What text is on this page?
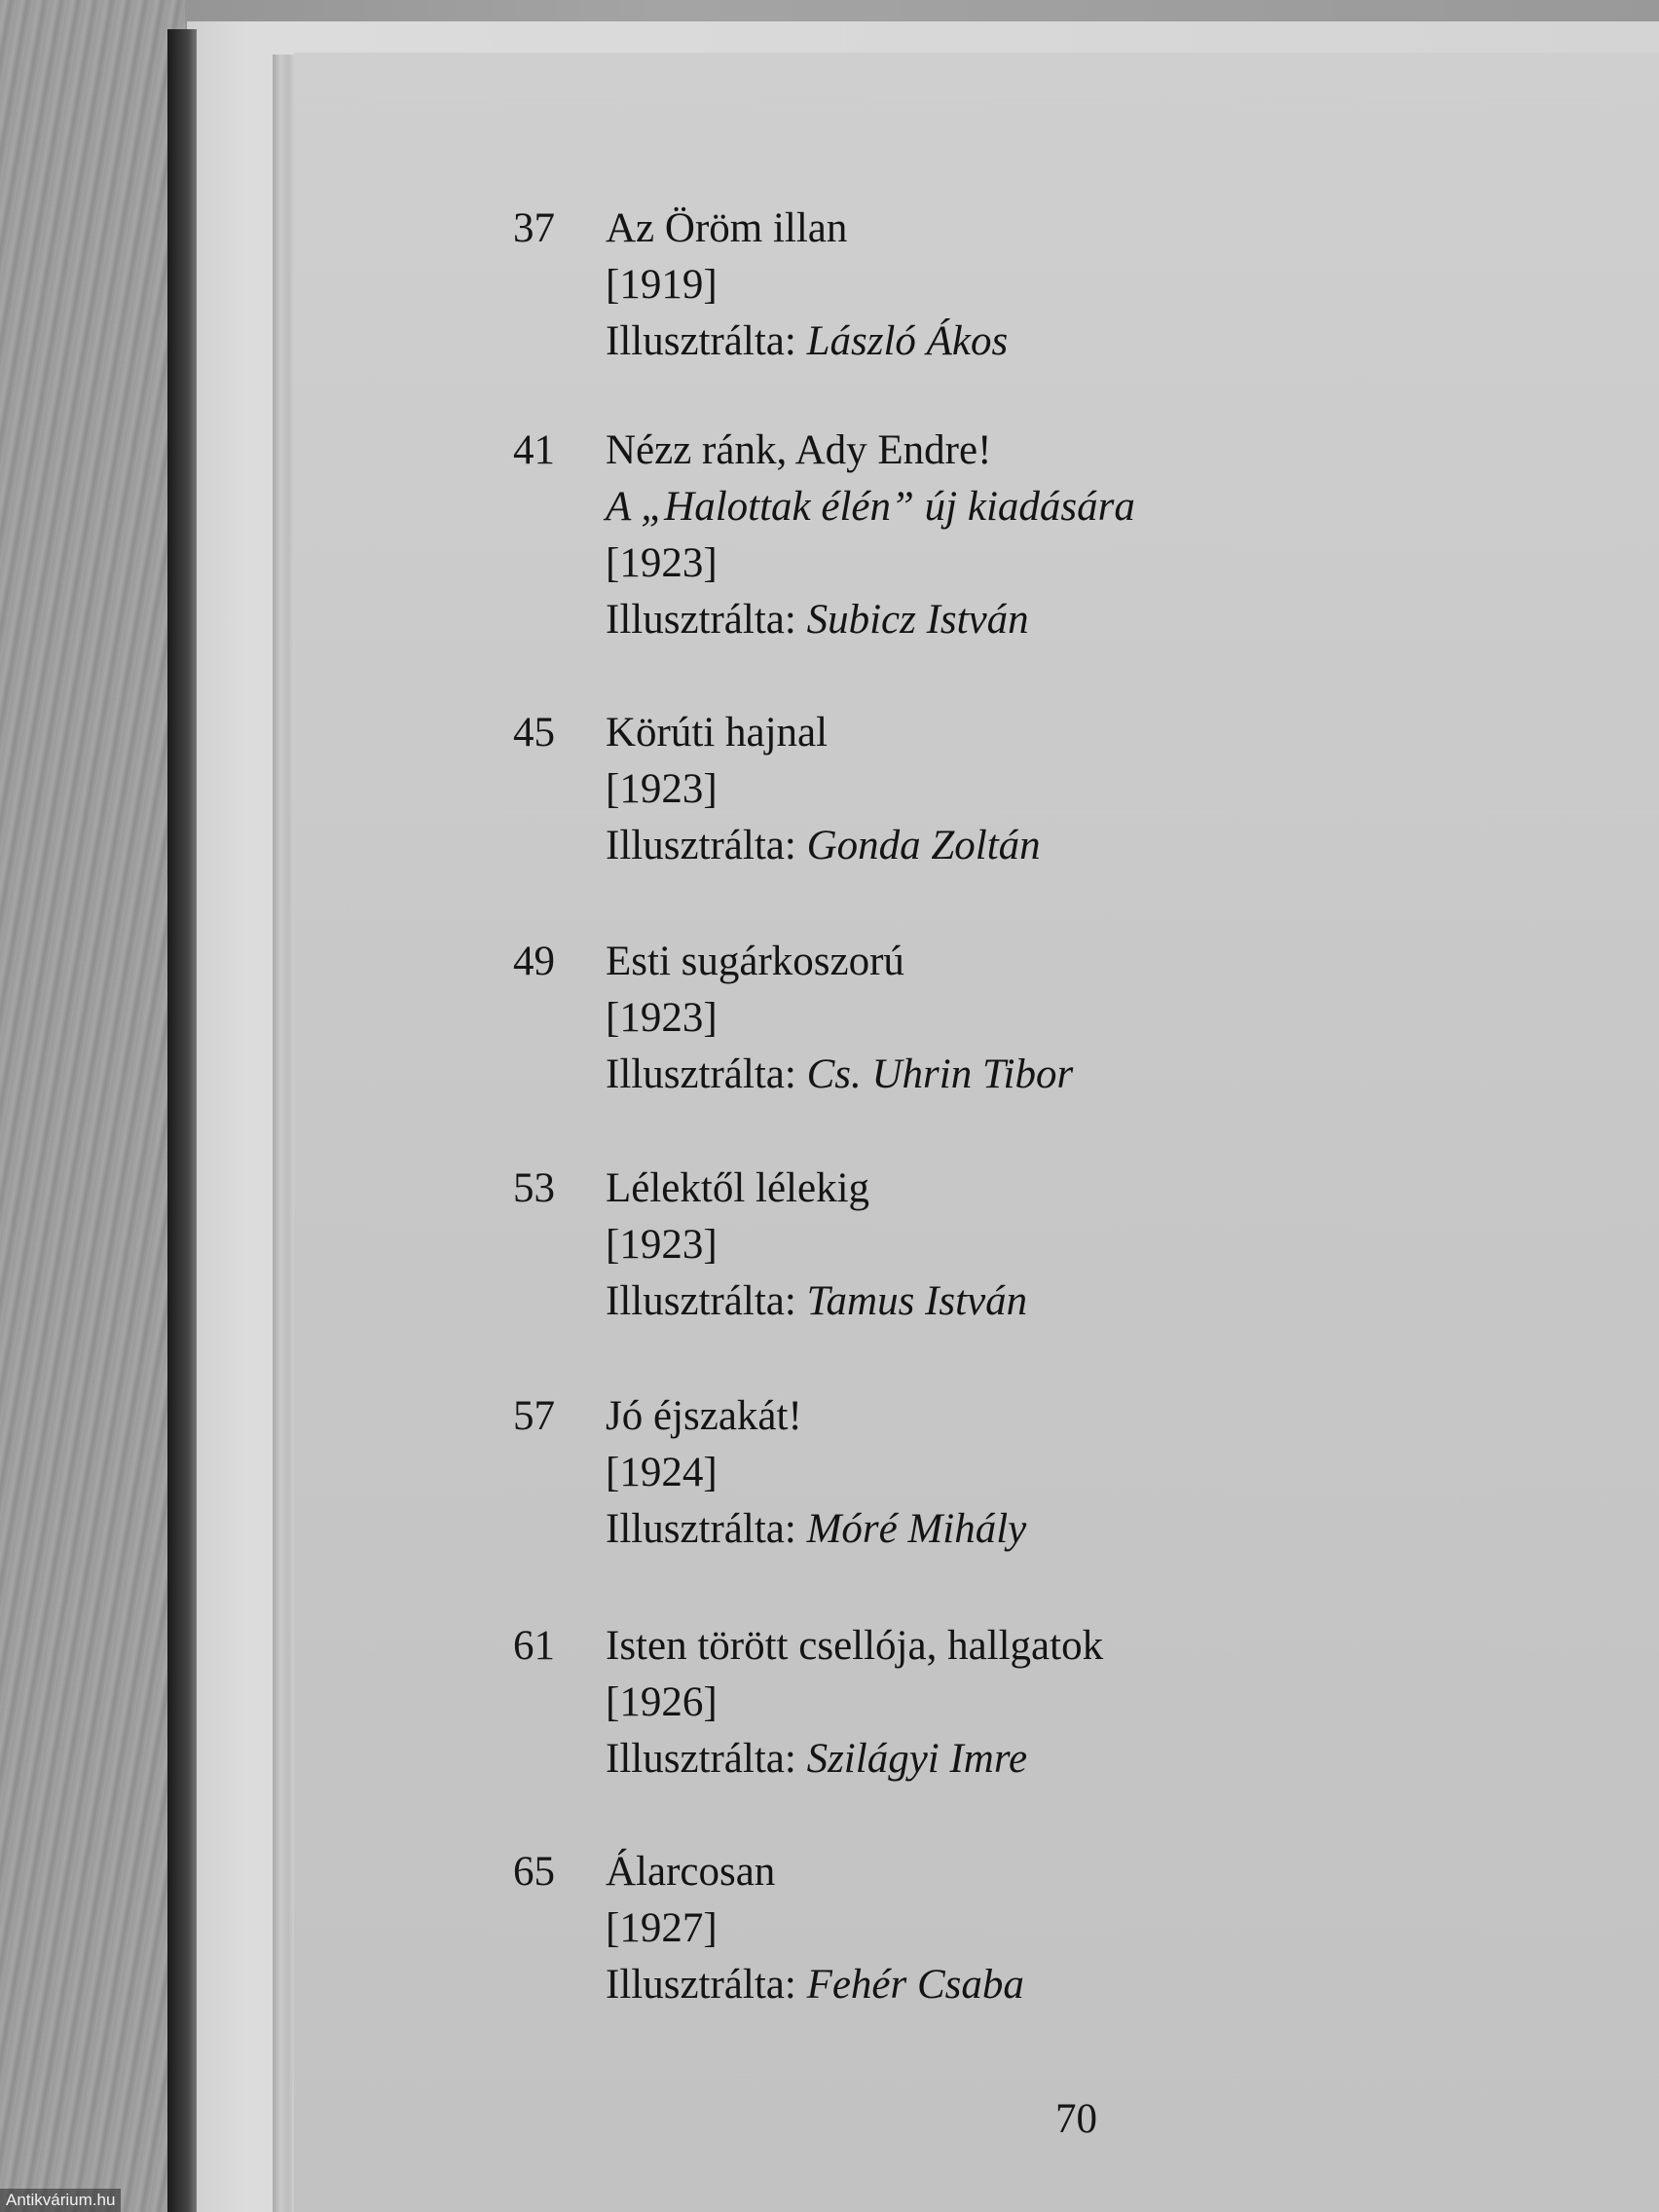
37	Az Öröm illan
[1919]
Illusztrálta: László Ákos
41	Nézz ránk, Ady Endre!
A „Halottak élén” új kiadására
[1923]
Illusztrálta: Subicz István
45	Körúti hajnal
[1923]
Illusztrálta: Gonda Zoltán
49	Esti sugárkoszorú
[1923]
Illusztrálta: Cs. Uhrin Tibor
53	Lélektől lélekig
[1923]
Illusztrálta: Tamus István
57	Jó éjszakát!
[1924]
Illusztrálta: Móré Mihály
61	Isten törött csellója, hallgatok
[1926]
Illusztrálta: Szilágyi Imre
65	Álarcosan
[1927]
Illusztrálta: Fehér Csaba
70
Antikvárium.hu
